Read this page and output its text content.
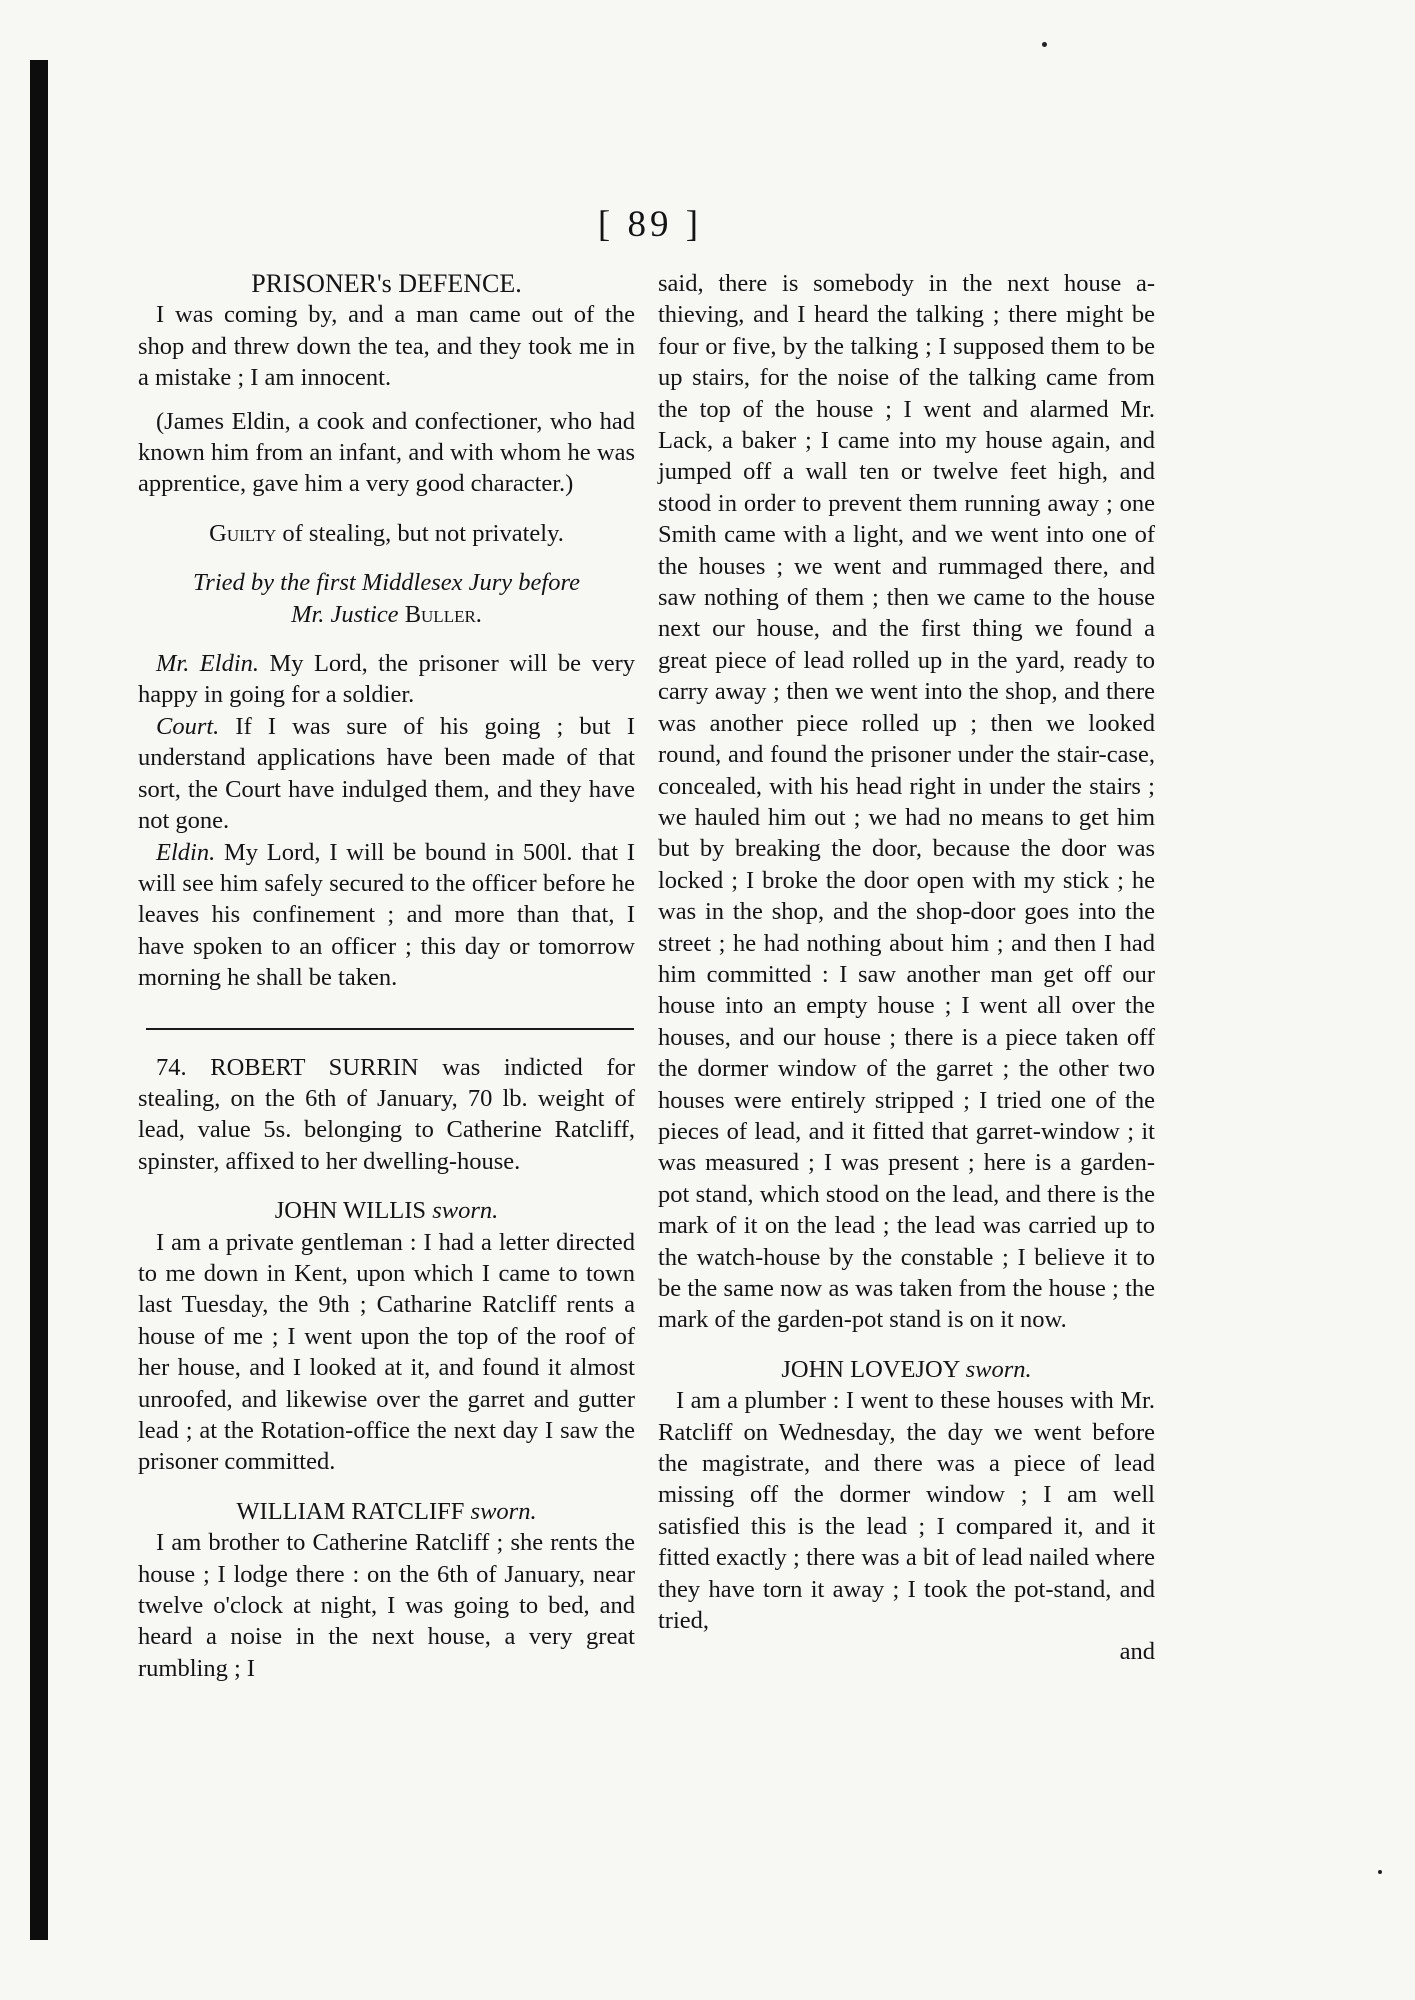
[ 89 ]

PRISONER's DEFENCE.

I was coming by, and a man came out of the shop and threw down the tea, and they took me in a mistake ; I am innocent.

(James Eldin, a cook and confectioner, who had known him from an infant, and with whom he was apprentice, gave him a very good character.)

Guilty of stealing, but not privately.

Tried by the first Middlesex Jury before

Mr. Justice Buller.

Mr. Eldin. My Lord, the prisoner will be very happy in going for a soldier.

Court. If I was sure of his going ; but I understand applications have been made of that sort, the Court have indulged them, and they have not gone.

Eldin. My Lord, I will be bound in 500l. that I will see him safely secured to the officer before he leaves his confinement ; and more than that, I have spoken to an officer ; this day or tomorrow morning he shall be taken.

74. ROBERT SURRIN was indicted for stealing, on the 6th of January, 70 lb. weight of lead, value 5s. belonging to Catherine Ratcliff, spinster, affixed to her dwelling-house.

JOHN WILLIS sworn.

I am a private gentleman : I had a letter directed to me down in Kent, upon which I came to town last Tuesday, the 9th ; Catharine Ratcliff rents a house of me ; I went upon the top of the roof of her house, and I looked at it, and found it almost unroofed, and likewise over the garret and gutter lead ; at the Rotation-office the next day I saw the prisoner committed.

WILLIAM RATCLIFF sworn.

I am brother to Catherine Ratcliff ; she rents the house ; I lodge there : on the 6th of January, near twelve o'clock at night, I was going to bed, and heard a noise in the next house, a very great rumbling ; I

said, there is somebody in the next house a-thieving, and I heard the talking ; there might be four or five, by the talking ; I supposed them to be up stairs, for the noise of the talking came from the top of the house ; I went and alarmed Mr. Lack, a baker ; I came into my house again, and jumped off a wall ten or twelve feet high, and stood in order to prevent them running away ; one Smith came with a light, and we went into one of the houses ; we went and rummaged there, and saw nothing of them ; then we came to the house next our house, and the first thing we found a great piece of lead rolled up in the yard, ready to carry away ; then we went into the shop, and there was another piece rolled up ; then we looked round, and found the prisoner under the stair-case, concealed, with his head right in under the stairs ; we hauled him out ; we had no means to get him but by breaking the door, because the door was locked ; I broke the door open with my stick ; he was in the shop, and the shop-door goes into the street ; he had nothing about him ; and then I had him committed : I saw another man get off our house into an empty house ; I went all over the houses, and our house ; there is a piece taken off the dormer window of the garret ; the other two houses were entirely stripped ; I tried one of the pieces of lead, and it fitted that garret-window ; it was measured ; I was present ; here is a garden-pot stand, which stood on the lead, and there is the mark of it on the lead ; the lead was carried up to the watch-house by the constable ; I believe it to be the same now as was taken from the house ; the mark of the garden-pot stand is on it now.

JOHN LOVEJOY sworn.

I am a plumber : I went to these houses with Mr. Ratcliff on Wednesday, the day we went before the magistrate, and there was a piece of lead missing off the dormer window ; I am well satisfied this is the lead ; I compared it, and it fitted exactly ; there was a bit of lead nailed where they have torn it away ; I took the pot-stand, and tried,

and
